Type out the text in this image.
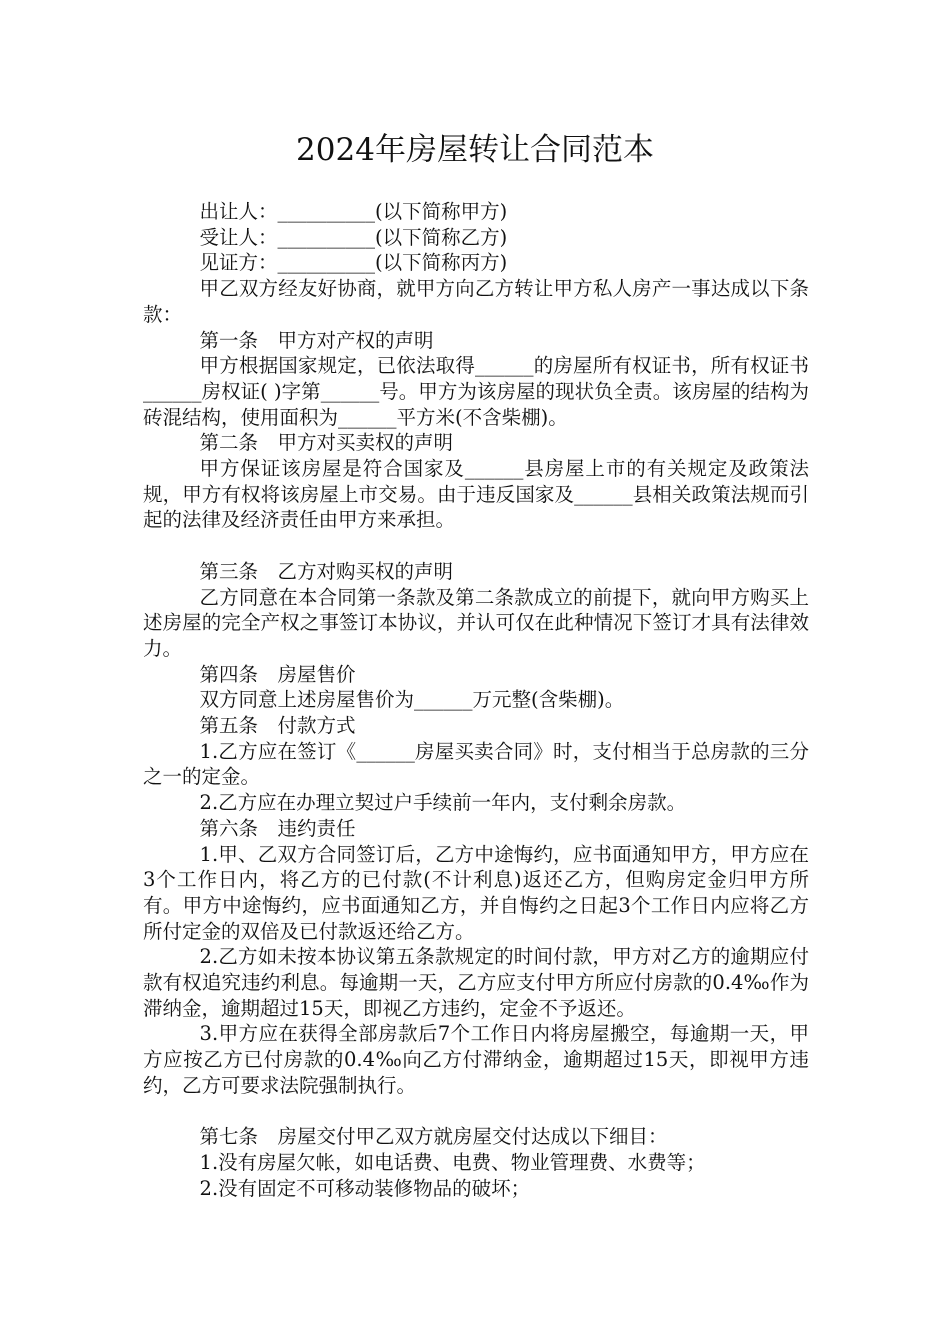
2024年房屋转让合同范本

出让人：__________(以下简称甲方)

受让人：__________(以下简称乙方)

见证方：__________(以下简称丙方)

甲乙双方经友好协商，就甲方向乙方转让甲方私人房产一事达成以下条款：

第一条　甲方对产权的声明

甲方根据国家规定，已依法取得______的房屋所有权证书，所有权证书______房权证( )字第______号。甲方为该房屋的现状负全责。该房屋的结构为砖混结构，使用面积为______平方米(不含柴棚)。

第二条　甲方对买卖权的声明

甲方保证该房屋是符合国家及______县房屋上市的有关规定及政策法规，甲方有权将该房屋上市交易。由于违反国家及______县相关政策法规而引起的法律及经济责任由甲方来承担。

第三条　乙方对购买权的声明

乙方同意在本合同第一条款及第二条款成立的前提下，就向甲方购买上述房屋的完全产权之事签订本协议，并认可仅在此种情况下签订才具有法律效力。

第四条　房屋售价

双方同意上述房屋售价为______万元整(含柴棚)。

第五条　付款方式

1.乙方应在签订《______房屋买卖合同》时，支付相当于总房款的三分之一的定金。

2.乙方应在办理立契过户手续前一年内，支付剩余房款。

第六条　违约责任

1.甲、乙双方合同签订后，乙方中途悔约，应书面通知甲方，甲方应在3个工作日内，将乙方的已付款(不计利息)返还乙方，但购房定金归甲方所有。甲方中途悔约，应书面通知乙方，并自悔约之日起3个工作日内应将乙方所付定金的双倍及已付款返还给乙方。

2.乙方如未按本协议第五条款规定的时间付款，甲方对乙方的逾期应付款有权追究违约利息。每逾期一天，乙方应支付甲方所应付房款的0.4‰作为滞纳金，逾期超过15天，即视乙方违约，定金不予返还。

3.甲方应在获得全部房款后7个工作日内将房屋搬空，每逾期一天，甲方应按乙方已付房款的0.4‰向乙方付滞纳金，逾期超过15天，即视甲方违约，乙方可要求法院强制执行。

第七条　房屋交付甲乙双方就房屋交付达成以下细目：

1.没有房屋欠帐，如电话费、电费、物业管理费、水费等；

2.没有固定不可移动装修物品的破坏；
